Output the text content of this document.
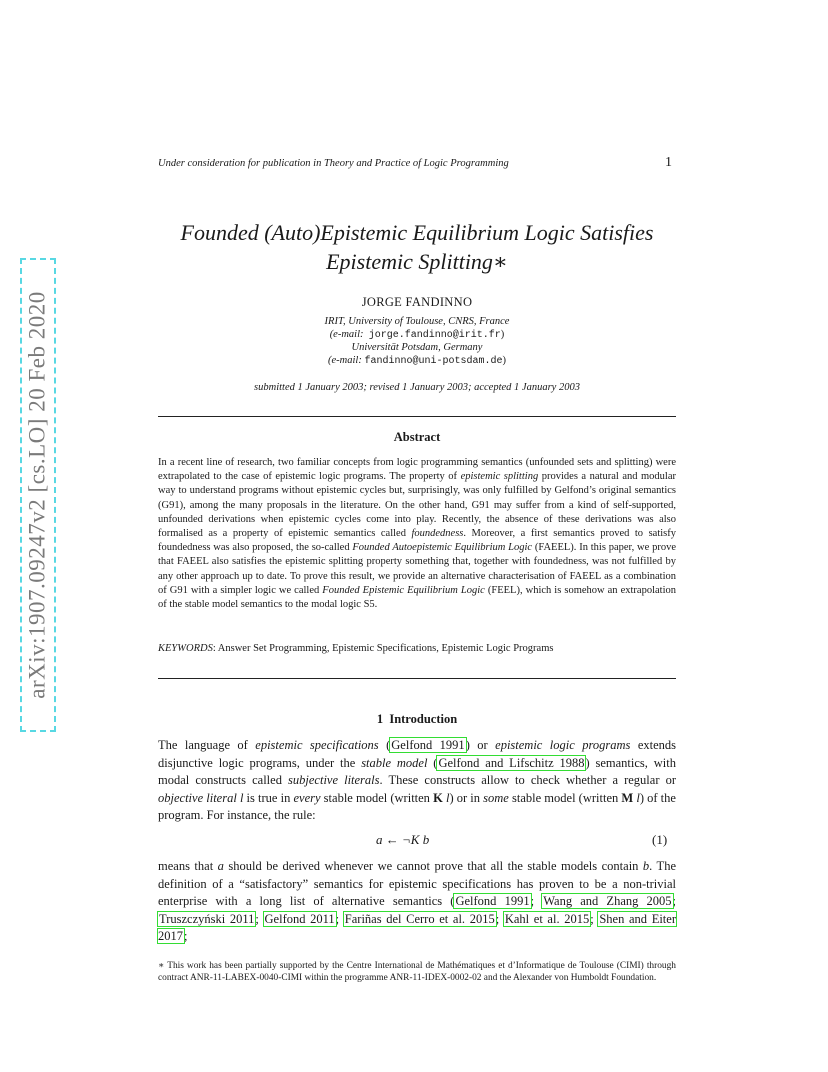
arXiv:1907.09247v2 [cs.LO] 20 Feb 2020
Under consideration for publication in Theory and Practice of Logic Programming	1
Founded (Auto)Epistemic Equilibrium Logic Satisfies
Epistemic Splitting∗
JORGE FANDINNO
IRIT, University of Toulouse, CNRS, France
(e-mail: jorge.fandinno@irit.fr)
Universität Potsdam, Germany
(e-mail: fandinno@uni-potsdam.de)
submitted 1 January 2003; revised 1 January 2003; accepted 1 January 2003
Abstract
In a recent line of research, two familiar concepts from logic programming semantics (unfounded sets and splitting) were extrapolated to the case of epistemic logic programs. The property of epistemic splitting provides a natural and modular way to understand programs without epistemic cycles but, surprisingly, was only fulfilled by Gelfond’s original semantics (G91), among the many proposals in the literature. On the other hand, G91 may suffer from a kind of self-supported, unfounded derivations when epistemic cycles come into play. Recently, the absence of these derivations was also formalised as a property of epistemic semantics called foundedness. Moreover, a first semantics proved to satisfy foundedness was also proposed, the so-called Founded Autoepistemic Equilibrium Logic (FAEEL). In this paper, we prove that FAEEL also satisfies the epistemic splitting property something that, together with foundedness, was not fulfilled by any other approach up to date. To prove this result, we provide an alternative characterisation of FAEEL as a combination of G91 with a simpler logic we called Founded Epistemic Equilibrium Logic (FEEL), which is somehow an extrapolation of the stable model semantics to the modal logic S5.
KEYWORDS: Answer Set Programming, Epistemic Specifications, Epistemic Logic Programs
1 Introduction
The language of epistemic specifications (Gelfond 1991) or epistemic logic programs extends disjunctive logic programs, under the stable model (Gelfond and Lifschitz 1988) semantics, with modal constructs called subjective literals. These constructs allow to check whether a regular or objective literal l is true in every stable model (written K l) or in some stable model (written M l) of the program. For instance, the rule:
a ← ¬K b	(1)
means that a should be derived whenever we cannot prove that all the stable models contain b. The definition of a “satisfactory” semantics for epistemic specifications has proven to be a non-trivial enterprise with a long list of alternative semantics (Gelfond 1991; Wang and Zhang 2005; Truszczyński 2011; Gelfond 2011; Fariñas del Cerro et al. 2015; Kahl et al. 2015; Shen and Eiter 2017;
∗ This work has been partially supported by the Centre International de Mathématiques et d’Informatique de Toulouse (CIMI) through contract ANR-11-LABEX-0040-CIMI within the programme ANR-11-IDEX-0002-02 and the Alexander von Humboldt Foundation.
